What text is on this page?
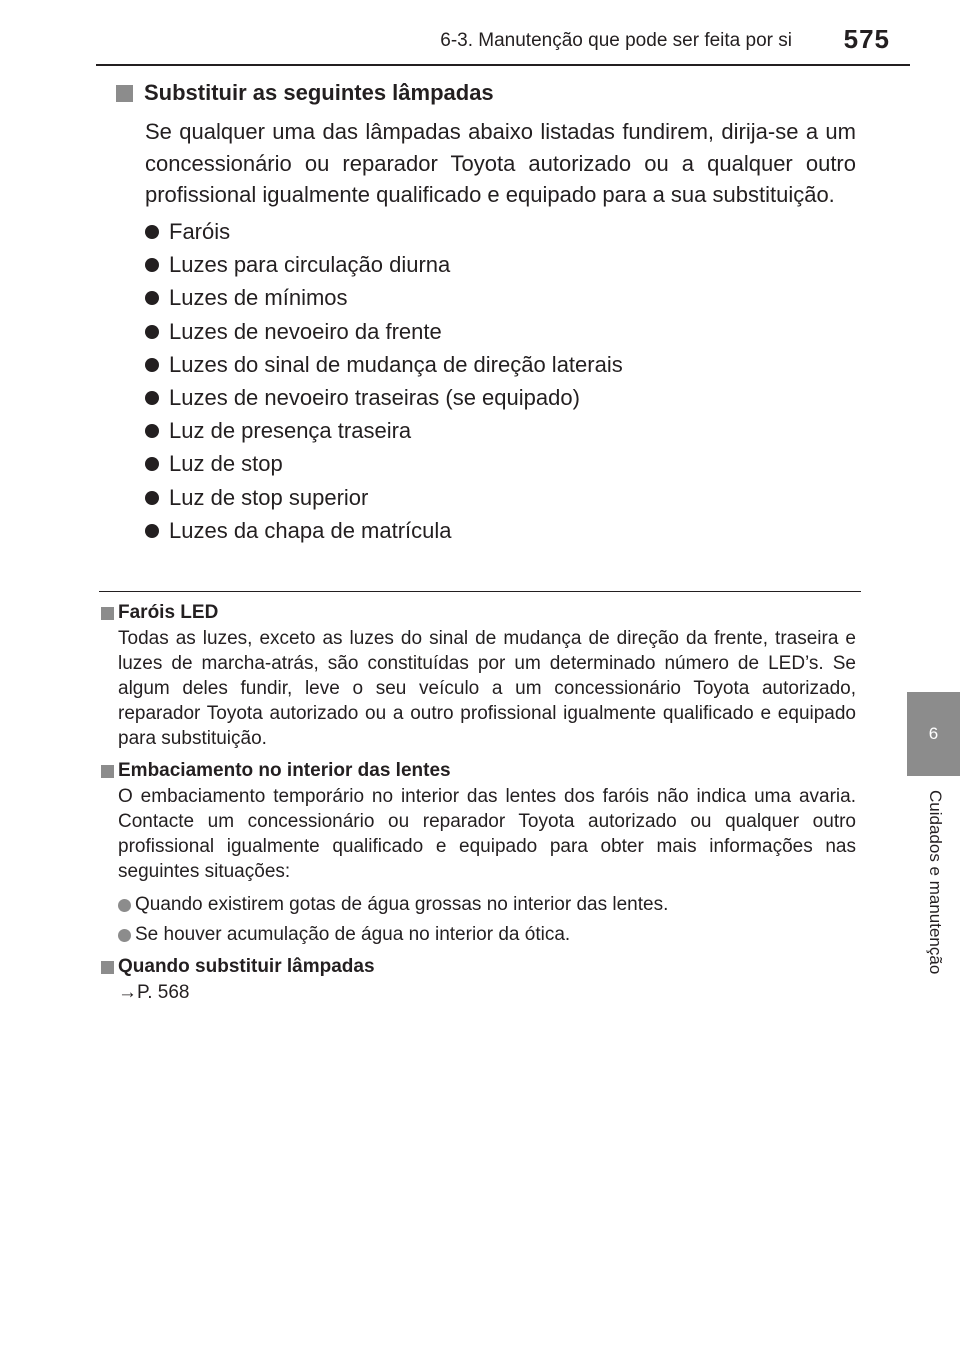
6-3. Manutenção que pode ser feita por si 575
6
Cuidados e manutenção
Substituir as seguintes lâmpadas
Se qualquer uma das lâmpadas abaixo listadas fundirem, dirija-se a um concessionário ou reparador Toyota autorizado ou a qualquer outro profissional igualmente qualificado e equipado para a sua substituição.
Faróis
Luzes para circulação diurna
Luzes de mínimos
Luzes de nevoeiro da frente
Luzes do sinal de mudança de direção laterais
Luzes de nevoeiro traseiras (se equipado)
Luz de presença traseira
Luz de stop
Luz de stop superior
Luzes da chapa de matrícula
Faróis LED
Todas as luzes, exceto as luzes do sinal de mudança de direção da frente, traseira e luzes de marcha-atrás, são constituídas por um determinado número de LED’s. Se algum deles fundir, leve o seu veículo a um concessionário Toyota autorizado, reparador Toyota autorizado ou a outro profissional igualmente qualificado e equipado para substituição.
Embaciamento no interior das lentes
O embaciamento temporário no interior das lentes dos faróis não indica uma avaria. Contacte um concessionário ou reparador Toyota autorizado ou qualquer outro profissional igualmente qualificado e equipado para obter mais informações nas seguintes situações:
Quando existirem gotas de água grossas no interior das lentes.
Se houver acumulação de água no interior da ótica.
Quando substituir lâmpadas
→P. 568
